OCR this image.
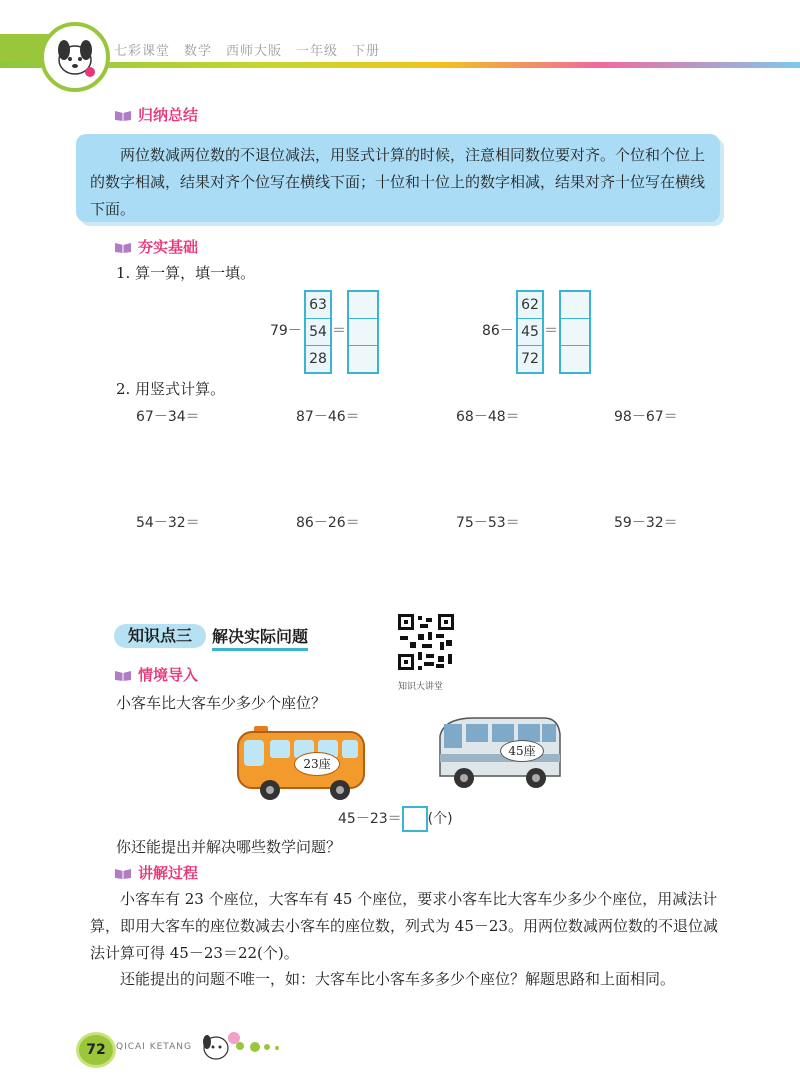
七彩课堂　数学　西师大版　一年级　下册
归纳总结
两位数减两位数的不退位减法，用竖式计算的时候，注意相同数位要对齐。个位和个位上的数字相减，结果对齐个位写在横线下面；十位和十位上的数字相减，结果对齐十位写在横线下面。
夯实基础
1. 算一算，填一填。
79－
63
54
28
＝	86－
62
45
72
＝
2. 用竖式计算。
67－34＝	87－46＝	68－48＝	98－67＝
54－32＝	86－26＝	75－53＝	59－32＝
知识点三	解决实际问题
知识大讲堂
情境导入
小客车比大客车少多少个座位？
23座
45座
45－23＝ (个)
你还能提出并解决哪些数学问题？
讲解过程
小客车有 23 个座位，大客车有 45 个座位，要求小客车比大客车少多少个座位，用减法计算，即用大客车的座位数减去小客车的座位数，列式为 45－23。用两位数减两位数的不退位减法计算可得 45－23＝22(个)。
还能提出的问题不唯一，如：大客车比小客车多多少个座位？解题思路和上面相同。
72	QICAI KETANG
